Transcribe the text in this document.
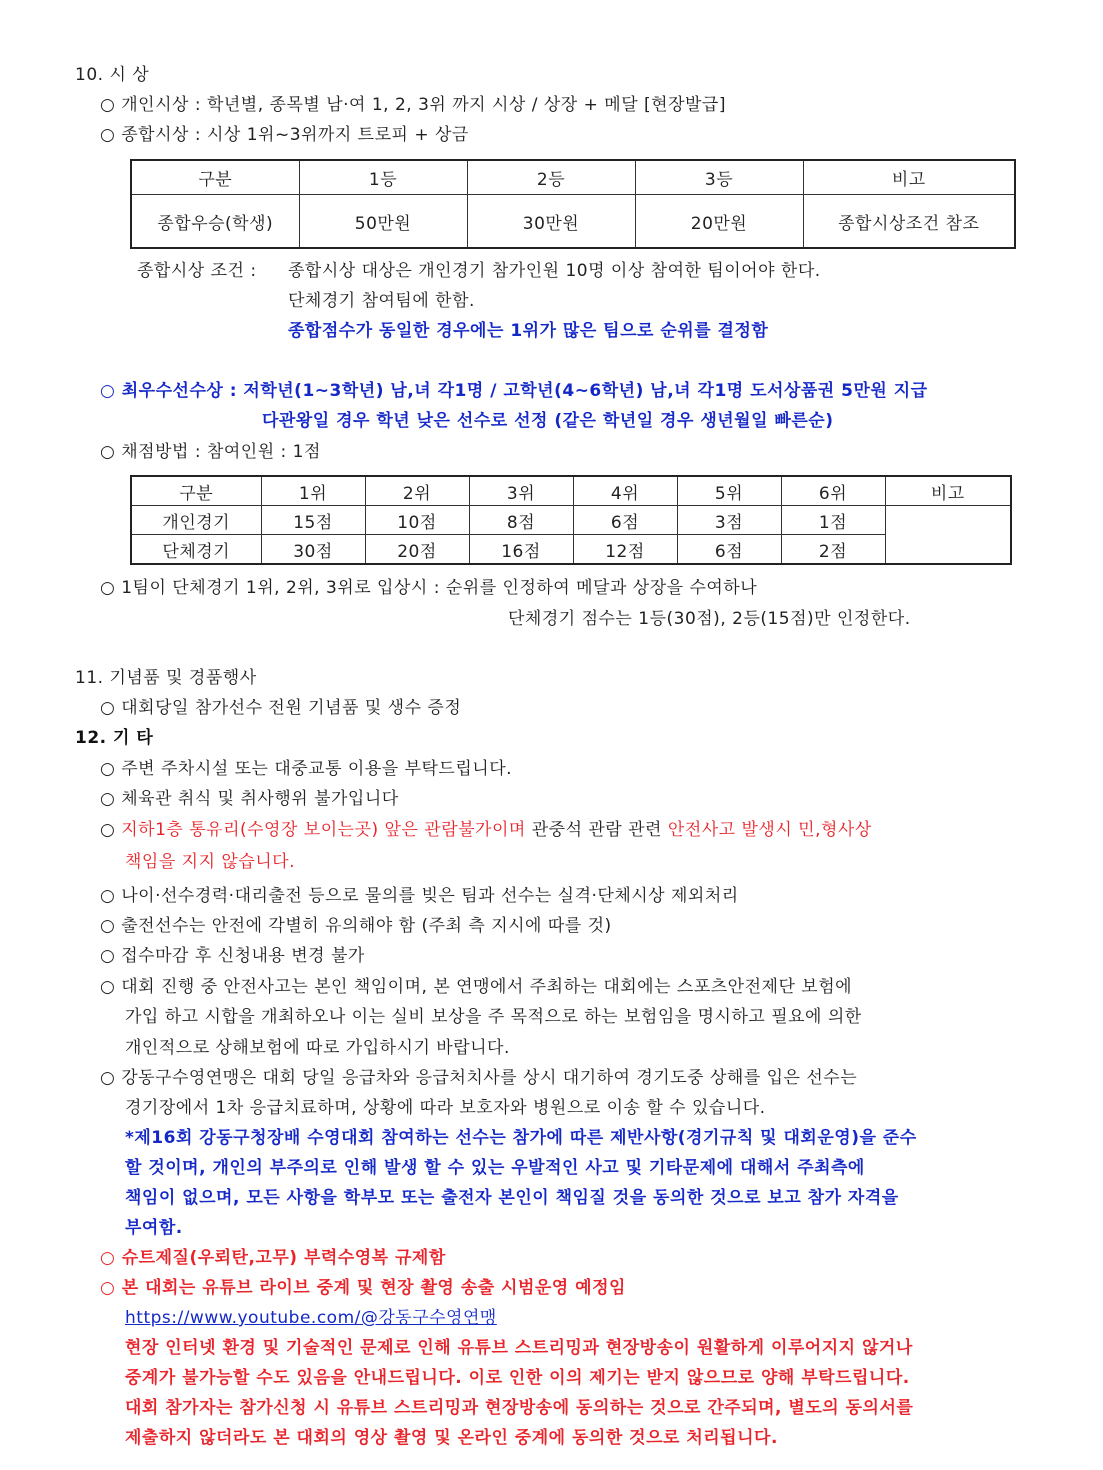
10. 시 상
○ 개인시상 : 학년별, 종목별 남·여 1, 2, 3위 까지 시상 / 상장 + 메달 [현장발급]
○ 종합시상 : 시상 1위~3위까지 트로피 + 상금
구분	1등	2등	3등	비고
종합우승(학생)	50만원	30만원	20만원	종합시상조건 참조
종합시상 조건 : 종합시상 대상은 개인경기 참가인원 10명 이상 참여한 팀이어야 한다.
단체경기 참여팀에 한함.
종합점수가 동일한 경우에는 1위가 많은 팀으로 순위를 결정함
○ 최우수선수상 : 저학년(1~3학년) 남,녀 각1명 / 고학년(4~6학년) 남,녀 각1명 도서상품권 5만원 지급
다관왕일 경우 학년 낮은 선수로 선정 (같은 학년일 경우 생년월일 빠른순)
○ 채점방법 : 참여인원 : 1점
구분	1위	2위	3위	4위	5위	6위	비고
개인경기	15점	10점	8점	6점	3점	1점	
단체경기	30점	20점	16점	12점	6점	2점	
○ 1팀이 단체경기 1위, 2위, 3위로 입상시 : 순위를 인정하여 메달과 상장을 수여하나
단체경기 점수는 1등(30점), 2등(15점)만 인정한다.
11. 기념품 및 경품행사
○ 대회당일 참가선수 전원 기념품 및 생수 증정
12. 기 타
○ 주변 주차시설 또는 대중교통 이용을 부탁드립니다.
○ 체육관 취식 및 취사행위 불가입니다
○ 지하1층 통유리(수영장 보이는곳) 앞은 관람불가이며 관중석 관람 관련 안전사고 발생시 민,형사상
책임을 지지 않습니다.
○ 나이·선수경력·대리출전 등으로 물의를 빚은 팀과 선수는 실격·단체시상 제외처리
○ 출전선수는 안전에 각별히 유의해야 함 (주최 측 지시에 따를 것)
○ 접수마감 후 신청내용 변경 불가
○ 대회 진행 중 안전사고는 본인 책임이며, 본 연맹에서 주최하는 대회에는 스포츠안전제단 보험에
가입 하고 시합을 개최하오나 이는 실비 보상을 주 목적으로 하는 보험임을 명시하고 필요에 의한
개인적으로 상해보험에 따로 가입하시기 바랍니다.
○ 강동구수영연맹은 대회 당일 응급차와 응급처치사를 상시 대기하여 경기도중 상해를 입은 선수는
경기장에서 1차 응급치료하며, 상황에 따라 보호자와 병원으로 이송 할 수 있습니다.
*제16회 강동구청장배 수영대회 참여하는 선수는 참가에 따른 제반사항(경기규칙 및 대회운영)을 준수
할 것이며, 개인의 부주의로 인해 발생 할 수 있는 우발적인 사고 및 기타문제에 대해서 주최측에
책임이 없으며, 모든 사항을 학부모 또는 출전자 본인이 책임질 것을 동의한 것으로 보고 참가 자격을
부여함.
○ 슈트제질(우뢰탄,고무) 부력수영복 규제함
○ 본 대회는 유튜브 라이브 중계 및 현장 촬영 송출 시범운영 예정임
https://www.youtube.com/@강동구수영연맹
현장 인터넷 환경 및 기술적인 문제로 인해 유튜브 스트리밍과 현장방송이 원활하게 이루어지지 않거나
중계가 불가능할 수도 있음을 안내드립니다. 이로 인한 이의 제기는 받지 않으므로 양해 부탁드립니다.
대회 참가자는 참가신청 시 유튜브 스트리밍과 현장방송에 동의하는 것으로 간주되며, 별도의 동의서를
제출하지 않더라도 본 대회의 영상 촬영 및 온라인 중계에 동의한 것으로 처리됩니다.
